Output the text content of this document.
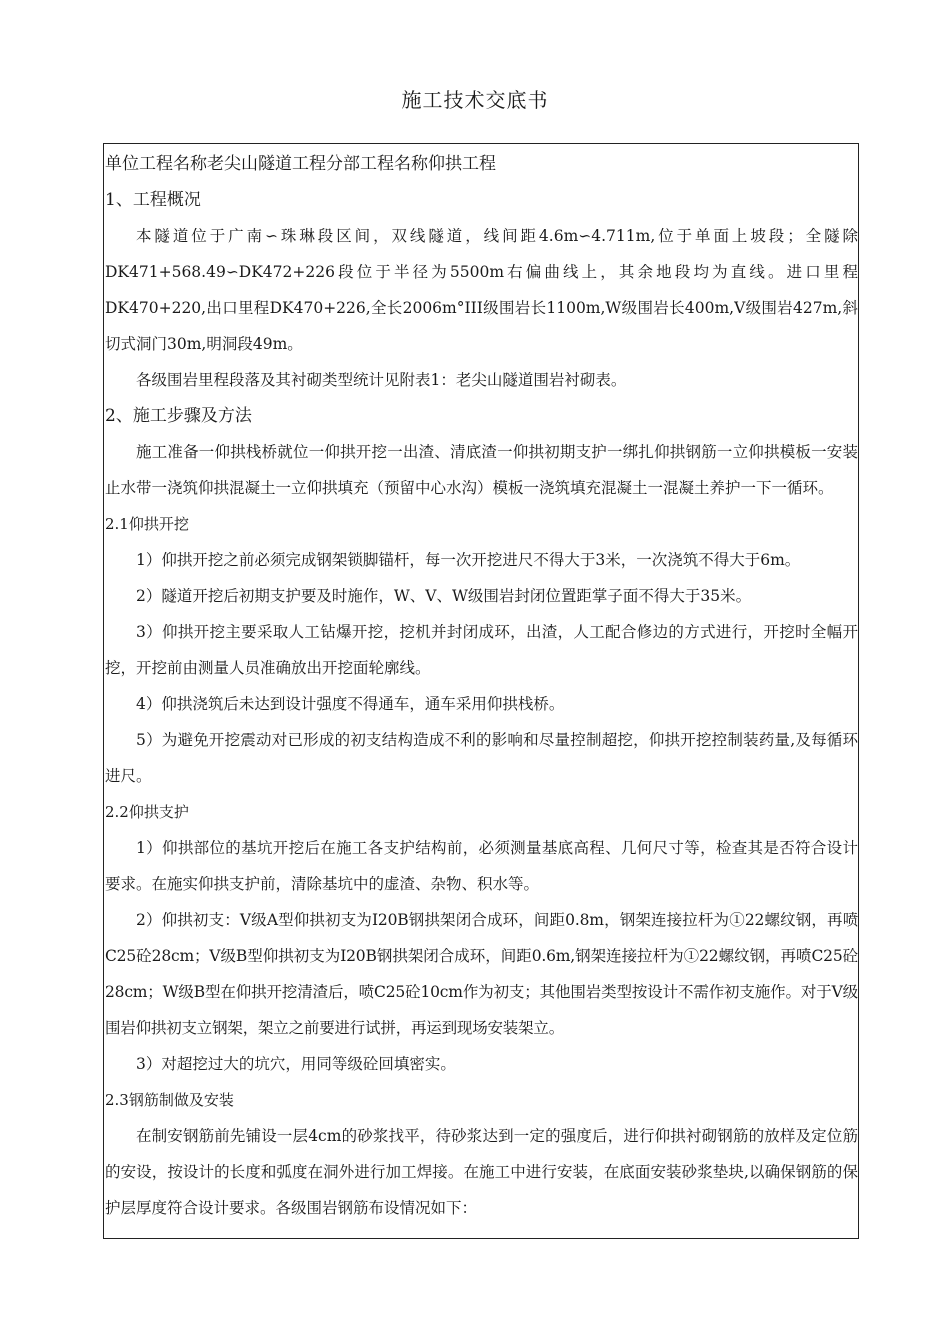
施工技术交底书
单位工程名称老尖山隧道工程分部工程名称仰拱工程
1、工程概况

本隧道位于广南∽珠琳段区间，双线隧道，线间距4.6m∽4.711m,位于单面上坡段；全隧除DK471+568.49∽DK472+226段位于半径为5500m右偏曲线上，其余地段均为直线。进口里程DK470+220,出口里程DK470+226,全长2006m°III级围岩长1100m,W级围岩长400m,V级围岩427m,斜切式洞门30m,明洞段49m。

各级围岩里程段落及其衬砌类型统计见附表1：老尖山隧道围岩衬砌表。

2、施工步骤及方法

施工准备一仰拱栈桥就位一仰拱开挖一出渣、清底渣一仰拱初期支护一绑扎仰拱钢筋一立仰拱模板一安装止水带一浇筑仰拱混凝土一立仰拱填充（预留中心水沟）模板一浇筑填充混凝土一混凝土养护一下一循环。

2.1仰拱开挖

1）仰拱开挖之前必须完成钢架锁脚锚杆，每一次开挖进尺不得大于3米，一次浇筑不得大于6m。

2）隧道开挖后初期支护要及时施作，W、V、W级围岩封闭位置距掌子面不得大于35米。

3）仰拱开挖主要采取人工钻爆开挖，挖机并封闭成环，出渣，人工配合修边的方式进行，开挖时全幅开挖，开挖前由测量人员准确放出开挖面轮廓线。

4）仰拱浇筑后未达到设计强度不得通车，通车采用仰拱栈桥。

5）为避免开挖震动对已形成的初支结构造成不利的影响和尽量控制超挖，仰拱开挖控制装药量,及每循环进尺。

2.2仰拱支护

1）仰拱部位的基坑开挖后在施工各支护结构前，必须测量基底高程、几何尺寸等，检查其是否符合设计要求。在施实仰拱支护前，清除基坑中的虚渣、杂物、积水等。

2）仰拱初支：V级A型仰拱初支为I20B钢拱架闭合成环，间距0.8m，钢架连接拉杆为①22螺纹钢，再喷C25砼28cm；V级B型仰拱初支为I20B钢拱架闭合成环，间距0.6m,钢架连接拉杆为①22螺纹钢，再喷C25砼28cm；W级B型在仰拱开挖清渣后，喷C25砼10cm作为初支；其他围岩类型按设计不需作初支施作。对于V级围岩仰拱初支立钢架，架立之前要进行试拼，再运到现场安装架立。

3）对超挖过大的坑穴，用同等级砼回填密实。

2.3钢筋制做及安装

在制安钢筋前先铺设一层4cm的砂浆找平，待砂浆达到一定的强度后，进行仰拱衬砌钢筋的放样及定位筋的安设，按设计的长度和弧度在洞外进行加工焊接。在施工中进行安装，在底面安装砂浆垫块,以确保钢筋的保护层厚度符合设计要求。各级围岩钢筋布设情况如下：
